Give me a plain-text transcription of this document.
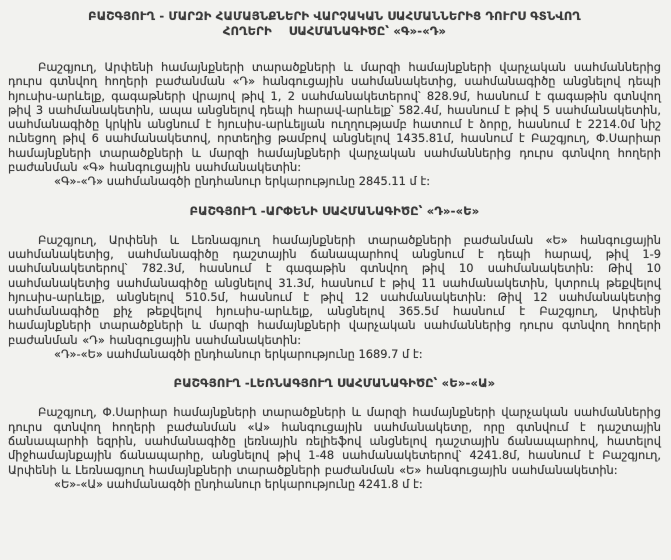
ԲԱՇԳՅՈՒՂ - ՄԱՐԶԻ ՀԱՄԱՅՆՔՆԵՐԻ ՎԱՐՉԱԿԱՆ ՍԱՀՄԱՆՆԵՐԻՑ ԴՈՒՐՍ ԳՏՆՎՈՂ
ՀՈՂԵՐԻ    ՍԱՀՄԱՆԱԳԻԾԸ՝ «Գ»-«Դ»

Բաշգյուղ, Արփենի համայնքների տարածքների և մարզի համայնքների վարչական սահմաններից դուրս գտնվող հողերի բաժանման «Դ» հանգուցային սահմանակետից, սահմանագիծը անցնելով դեպի հյուսիս-արևելք, գագաթների վրայով թիվ 1, 2 սահմանակետերով՝ 828.9մ, հասնում է գագաթին գտնվող թիվ 3 սահմանակետին, ապա անցնելով դեպի հարավ-արևելք՝ 582.4մ, հասնում է թիվ 5 սահմանակետին, սահմանագիծը կրկին անցնում է հյուսիս-արևելյան ուղղությամբ հատում է ձորը, հասնում է 2214.0մ նիշ ունեցող թիվ 6 սահմանակետով, որտեղից թամբով անցնելով 1435.81մ, հասնում է Բաշգյուղ, Փ.Սարիար համայնքների տարածքների և մարզի համայնքների վարչական սահմաններից դուրս գտնվող հողերի բաժանման «Գ» հանգուցային սահմանակետին:

«Գ»-«Դ» սահմանագծի ընդհանուր երկարությունը 2845.11 մ է:

ԲԱՇԳՅՈՒՂ -ԱՐՓԵՆԻ ՍԱՀՄԱՆԱԳԻԾԸ՝ «Դ»-«Ե»

Բաշգյուղ, Արփենի և Լեռնագյուղ համայնքների տարածքների բաժանման «Ե» հանգուցային սահմանակետից, սահմանագիծը դաշտային ճանապարհով անցնում է դեպի հարավ, թիվ 1-9 սահմանակետերով՝ 782.3մ, հասնում է գագաթին գտնվող թիվ 10 սահմանակետին: Թիվ 10 սահմանակետից սահմանագիծը անցնելով 31.3մ, հասնում է թիվ 11 սահմանակետին, կտրուկ թեքվելով հյուսիս-արևելք, անցնելով 510.5մ, հասնում է թիվ 12 սահմանակետին: Թիվ 12 սահմանակետից սահմանագիծը քիչ թեքվելով հյուսիս-արևելք, անցնելով 365.5մ հասնում է Բաշգյուղ, Արփենի համայնքների տարածքների և մարզի համայնքների վարչական սահմաններից դուրս գտնվող հողերի բաժանման «Դ» հանգուցային սահմանակետին:

«Դ»-«Ե» սահմանագծի ընդհանուր երկարությունը 1689.7 մ է:

ԲԱՇԳՅՈՒՂ -ԼԵՌՆԱԳՅՈՒՂ ՍԱՀՄԱՆԱԳԻԾԸ՝ «Ե»-«Ա»

Բաշգյուղ, Փ.Սարիար համայնքների տարածքների և մարզի համայնքների վարչական սահմաններից դուրս գտնվող հողերի բաժանման «Ա» հանգուցային սահմանակետը, որը գտնվում է դաշտային ճանապարհի եզրին, սահմանագիծը լեռնային ռելիեֆով անցնելով դաշտային ճանապարհով, հատելով միջհամայնքային ճանապարհը, անցնելով թիվ 1-48 սահմանակետերով՝ 4241.8մ, հասնում է Բաշգյուղ, Արփենի և Լեռնագյուղ համայնքների տարածքների բաժանման «Ե» հանգուցային սահմանակետին:

«Ե»-«Ա» սահմանագծի ընդհանուր երկարությունը 4241.8 մ է:
